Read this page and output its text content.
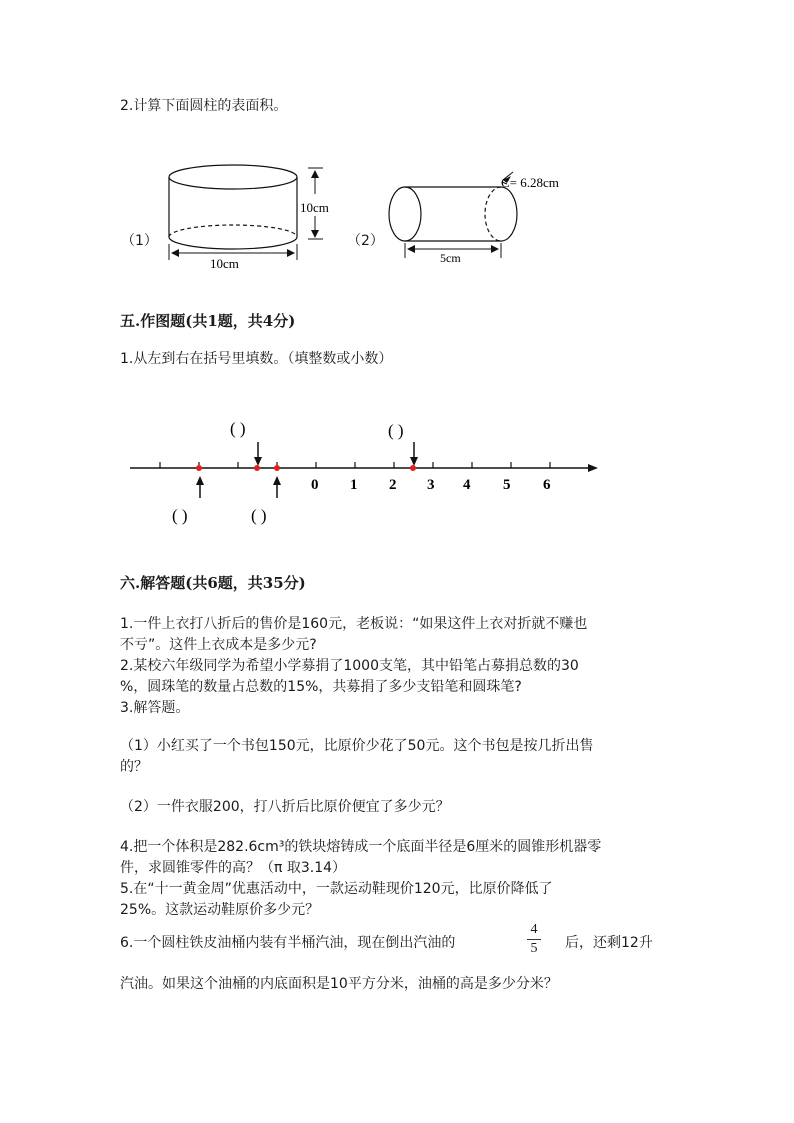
2.计算下面圆柱的表面积。
（1）
10cm
10cm
（2）
C= 6.28cm
5cm
五.作图题(共1题，共4分)
1.从左到右在括号里填数。（填整数或小数）
( )	( )
0 1 2 3 4 5 6
( )	( )
六.解答题(共6题，共35分)
1.一件上衣打八折后的售价是160元，老板说：“如果这件上衣对折就不赚也
不亏”。这件上衣成本是多少元?
2.某校六年级同学为希望小学募捐了1000支笔，其中铅笔占募捐总数的30
%，圆珠笔的数量占总数的15%，共募捐了多少支铅笔和圆珠笔?
3.解答题。
（1）小红买了一个书包150元，比原价少花了50元。这个书包是按几折出售
的？
（2）一件衣服200，打八折后比原价便宜了多少元？
4.把一个体积是282.6cm³的铁块熔铸成一个底面半径是6厘米的圆锥形机器零
件，求圆锥零件的高？（π 取3.14）
5.在“十一黄金周”优惠活动中，一款运动鞋现价120元，比原价降低了
25%。这款运动鞋原价多少元？
6.一个圆柱铁皮油桶内装有半桶汽油，现在倒出汽油的
4
5	后，还剩12升
汽油。如果这个油桶的内底面积是10平方分米，油桶的高是多少分米？
